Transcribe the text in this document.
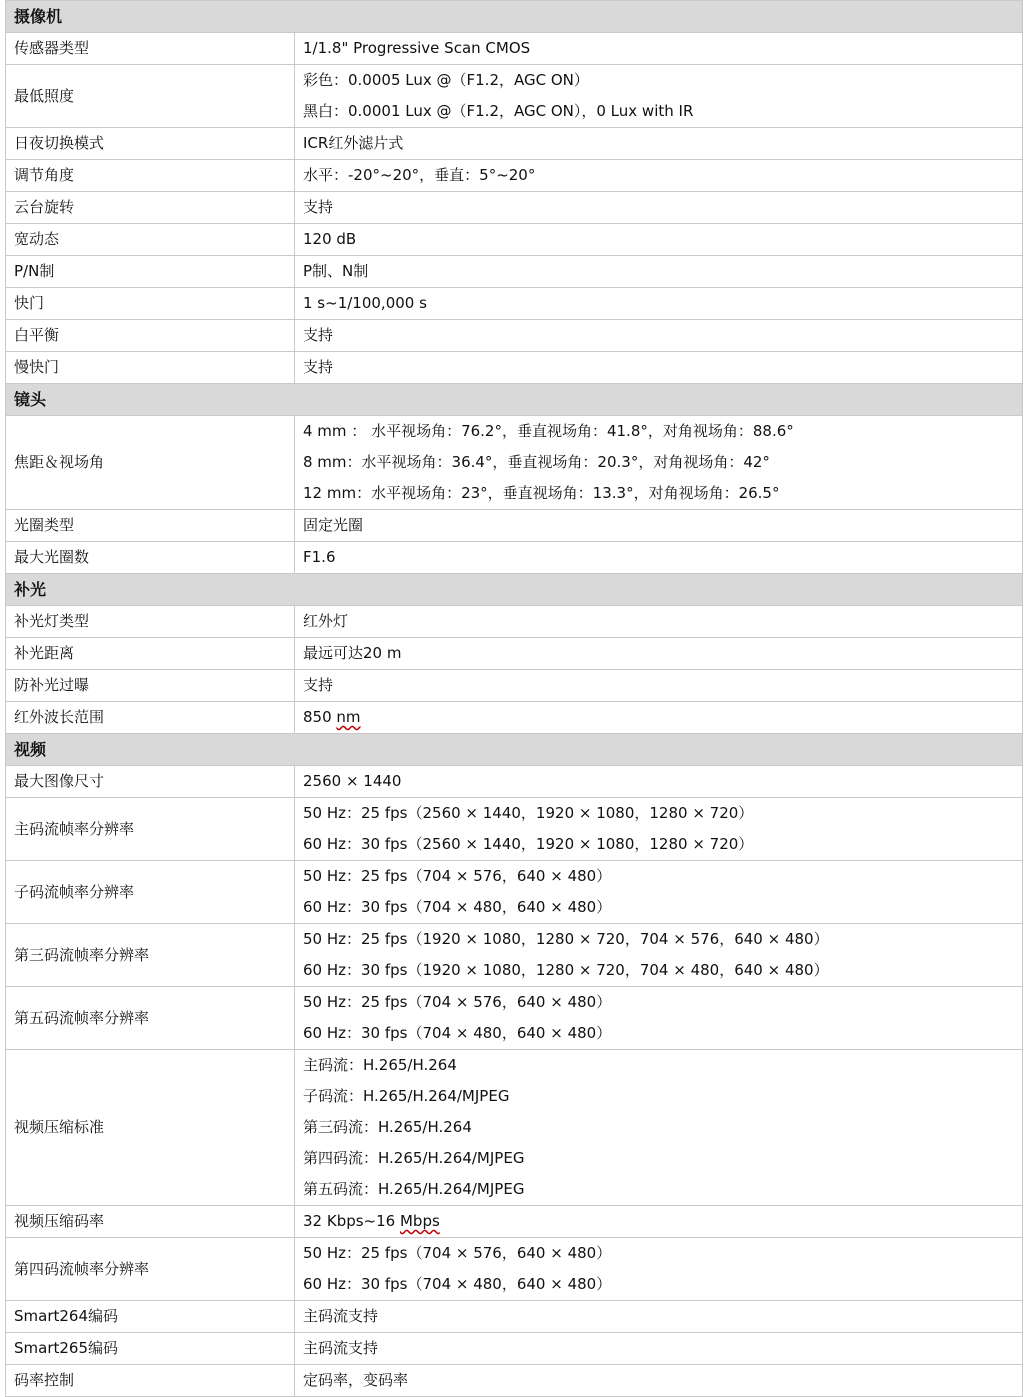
摄像机	
传感器类型	1/1.8" Progressive Scan CMOS

最低照度	彩色：0.0005 Lux @（F1.2，AGC ON）
黑白：0.0001 Lux @（F1.2，AGC ON），0 Lux with IR

日夜切换模式	ICR红外滤片式

调节角度	水平：-20°~20°，垂直：5°~20°

云台旋转	支持

宽动态	120 dB

P/N制	P制、N制

快门	1 s~1/100,000 s

白平衡	支持

慢快门	支持

镜头	
焦距＆视场角	4 mm ： 水平视场角：76.2°，垂直视场角：41.8°，对角视场角：88.6°
8 mm：水平视场角：36.4°，垂直视场角：20.3°，对角视场角：42°
12 mm：水平视场角：23°，垂直视场角：13.3°，对角视场角：26.5°

光圈类型	固定光圈

最大光圈数	F1.6

补光	
补光灯类型	红外灯

补光距离	最远可达20 m

防补光过曝	支持

红外波长范围	850 nm

视频	
最大图像尺寸	2560 × 1440

主码流帧率分辨率	50 Hz：25 fps（2560 × 1440，1920 × 1080，1280 × 720）
60 Hz：30 fps（2560 × 1440，1920 × 1080，1280 × 720）

子码流帧率分辨率	50 Hz：25 fps（704 × 576，640 × 480）
60 Hz：30 fps（704 × 480，640 × 480）

第三码流帧率分辨率	50 Hz：25 fps（1920 × 1080，1280 × 720，704 × 576，640 × 480）
60 Hz：30 fps（1920 × 1080，1280 × 720，704 × 480，640 × 480）

第五码流帧率分辨率	50 Hz：25 fps（704 × 576，640 × 480）
60 Hz：30 fps（704 × 480，640 × 480）

视频压缩标准	主码流：H.265/H.264
子码流：H.265/H.264/MJPEG
第三码流：H.265/H.264
第四码流：H.265/H.264/MJPEG
第五码流：H.265/H.264/MJPEG

视频压缩码率	32 Kbps~16 Mbps

第四码流帧率分辨率	50 Hz：25 fps（704 × 576，640 × 480）
60 Hz：30 fps（704 × 480，640 × 480）

Smart264编码	主码流支持

Smart265编码	主码流支持

码率控制	定码率，变码率
